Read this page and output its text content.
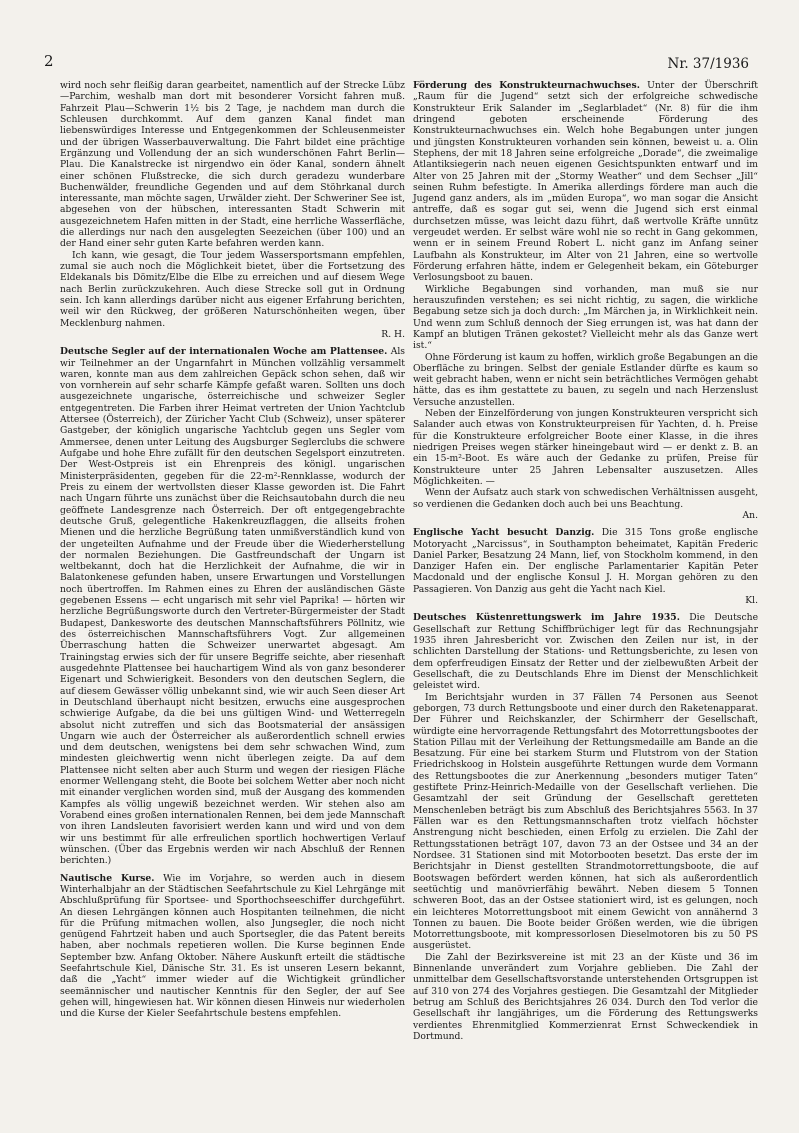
2	Nr. 37/1936

wird noch sehr fleißig daran gearbeitet, namentlich auf der Strecke Lübz—Parchim, weshalb man dort mit besonderer Vorsicht fahren muß. Fahrzeit Plau—Schwerin 1½ bis 2 Tage, je nachdem man durch die Schleusen durchkommt. Auf dem ganzen Kanal findet man liebenswürdiges Interesse und Entgegenkommen der Schleusenmeister und der übrigen Wasserbauverwaltung. Die Fahrt bildet eine prächtige Ergänzung und Vollendung der an sich wunderschönen Fahrt Berlin—Plau. Die Kanalstrecke ist nirgendwo ein öder Kanal, sondern ähnelt einer schönen Flußstrecke, die sich durch geradezu wunderbare Buchenwälder, freundliche Gegenden und auf dem Stöhrkanal durch interessante, man möchte sagen, Urwälder zieht. Der Schweriner See ist, abgesehen von der hübschen, interessanten Stadt Schwerin mit ausgezeichnetem Hafen mitten in der Stadt, eine herrliche Wasserfläche, die allerdings nur nach den ausgelegten Seezeichen (über 100) und an der Hand einer sehr guten Karte befahren werden kann.

Ich kann, wie gesagt, die Tour jedem Wassersportsmann empfehlen, zumal sie auch noch die Möglichkeit bietet, über die Fortsetzung des Eldekanals bis Dömitz/Elbe die Elbe zu erreichen und auf diesem Wege nach Berlin zurückzukehren. Auch diese Strecke soll gut in Ordnung sein. Ich kann allerdings darüber nicht aus eigener Erfahrung berichten, weil wir den Rückweg, der größeren Naturschönheiten wegen, über Mecklenburg nahmen.

R. H.

Deutsche Segler auf der internationalen Woche am Plattensee. Als wir Teilnehmer an der Ungarnfahrt in München vollzählig versammelt waren, konnte man aus dem zahlreichen Gepäck schon sehen, daß wir von vornherein auf sehr scharfe Kämpfe gefaßt waren. Sollten uns doch ausgezeichnete ungarische, österreichische und schweizer Segler entgegentreten. Die Farben ihrer Heimat vertreten der Union Yachtclub Attersee (Österreich), der Züricher Yacht Club (Schweiz), unser späterer Gastgeber, der königlich ungarische Yachtclub gegen uns Segler vom Ammersee, denen unter Leitung des Augsburger Seglerclubs die schwere Aufgabe und hohe Ehre zufällt für den deutschen Segelsport einzutreten. Der West-Ostpreis ist ein Ehrenpreis des königl. ungarischen Ministerpräsidenten, gegeben für die 22-m²-Rennklasse, wodurch der Preis zu einem der wertvollsten dieser Klasse geworden ist. Die Fahrt nach Ungarn führte uns zunächst über die Reichsautobahn durch die neu geöffnete Landesgrenze nach Österreich. Der oft entgegengebrachte deutsche Gruß, gelegentliche Hakenkreuzflaggen, die allseits frohen Mienen und die herzliche Begrüßung taten unmißverständlich kund von der ungeteilten Aufnahme und der Freude über die Wiederherstellung der normalen Beziehungen. Die Gastfreundschaft der Ungarn ist weltbekannt, doch hat die Herzlichkeit der Aufnahme, die wir in Balatonkenese gefunden haben, unsere Erwartungen und Vorstellungen noch übertroffen. Im Rahmen eines zu Ehren der ausländischen Gäste gegebenen Essens — echt ungarisch mit sehr viel Paprika! — hörten wir herzliche Begrüßungsworte durch den Vertreter-Bürgermeister der Stadt Budapest, Dankesworte des deutschen Mannschaftsführers Pöllnitz, wie des österreichischen Mannschaftsführers Vogt. Zur allgemeinen Überraschung hatten die Schweizer unerwartet abgesagt. Am Trainingstag erwies sich der für unsere Begriffe seichte, aber riesenhaft ausgedehnte Plattensee bei hauchartigem Wind als von ganz besonderer Eigenart und Schwierigkeit. Besonders von den deutschen Seglern, die auf diesem Gewässer völlig unbekannt sind, wie wir auch Seen dieser Art in Deutschland überhaupt nicht besitzen, erwuchs eine ausgesprochen schwierige Aufgabe, da die bei uns gültigen Wind- und Wetterregeln absolut nicht zutreffen und sich das Bootsmaterial der ansässigen Ungarn wie auch der Österreicher als außerordentlich schnell erwies und dem deutschen, wenigstens bei dem sehr schwachen Wind, zum mindesten gleichwertig wenn nicht überlegen zeigte. Da auf dem Plattensee nicht selten aber auch Sturm und wegen der riesigen Fläche enormer Wellengang steht, die Boote bei solchem Wetter aber noch nicht mit einander verglichen worden sind, muß der Ausgang des kommenden Kampfes als völlig ungewiß bezeichnet werden. Wir stehen also am Vorabend eines großen internationalen Rennen, bei dem jede Mannschaft von ihren Landsleuten favorisiert werden kann und wird und von dem wir uns bestimmt für alle erfreulichen sportlich hochwertigen Verlauf wünschen. (Über das Ergebnis werden wir nach Abschluß der Rennen berichten.)

Nautische Kurse. Wie im Vorjahre, so werden auch in diesem Winterhalbjahr an der Städtischen Seefahrtschule zu Kiel Lehrgänge mit Abschlußprüfung für Sportsee- und Sporthochseeschiffer durchgeführt. An diesen Lehrgängen können auch Hospitanten teilnehmen, die nicht für die Prüfung mitmachen wollen, also Jungsegler, die noch nicht genügend Fahrtzeit haben und auch Sportsegler, die das Patent bereits haben, aber nochmals repetieren wollen. Die Kurse beginnen Ende September bzw. Anfang Oktober. Nähere Auskunft erteilt die städtische Seefahrtschule Kiel, Dänische Str. 31. Es ist unseren Lesern bekannt, daß die „Yacht“ immer wieder auf die Wichtigkeit gründlicher seemännischer und nautischer Kenntnis für den Segler, der auf See gehen will, hingewiesen hat. Wir können diesen Hinweis nur wiederholen und die Kurse der Kieler Seefahrtschule bestens empfehlen.

Förderung des Konstrukteurnachwuchses. Unter der Überschrift „Raum für die Jugend“ setzt sich der erfolgreiche schwedische Konstrukteur Erik Salander im „Seglarbladet“ (Nr. 8) für die ihm dringend geboten erscheinende Förderung des Konstrukteurnachwuchses ein. Welch hohe Begabungen unter jungen und jüngsten Konstrukteuren vorhanden sein können, beweist u. a. Olin Stephens, der mit 18 Jahren seine erfolgreiche „Dorade“, die zweimalige Atlantiksiegerin nach neuen eigenen Gesichtspunkten entwarf und im Alter von 25 Jahren mit der „Stormy Weather“ und dem Sechser „Jill“ seinen Ruhm befestigte. In Amerika allerdings fördere man auch die Jugend ganz anders, als im „müden Europa“, wo man sogar die Ansicht antreffe, daß es sogar gut sei, wenn die Jugend sich erst einmal durchsetzen müsse, was leicht dazu führt, daß wertvolle Kräfte unnütz vergeudet werden. Er selbst wäre wohl nie so recht in Gang gekommen, wenn er in seinem Freund Robert L. nicht ganz im Anfang seiner Laufbahn als Konstrukteur, im Alter von 21 Jahren, eine so wertvolle Förderung erfahren hätte, indem er Gelegenheit bekam, ein Göteburger Verlosungsboot zu bauen.

Wirkliche Begabungen sind vorhanden, man muß sie nur herauszufinden verstehen; es sei nicht richtig, zu sagen, die wirkliche Begabung setze sich ja doch durch: „Im Märchen ja, in Wirklichkeit nein. Und wenn zum Schluß dennoch der Sieg errungen ist, was hat dann der Kampf an blutigen Tränen gekostet? Vielleicht mehr als das Ganze wert ist.“

Ohne Förderung ist kaum zu hoffen, wirklich große Begabungen an die Oberfläche zu bringen. Selbst der geniale Estlander dürfte es kaum so weit gebracht haben, wenn er nicht sein beträchtliches Vermögen gehabt hätte, das es ihm gestattete zu bauen, zu segeln und nach Herzenslust Versuche anzustellen.

Neben der Einzelförderung von jungen Konstrukteuren verspricht sich Salander auch etwas von Konstrukteurpreisen für Yachten, d. h. Preise für die Konstrukteure erfolgreicher Boote einer Klasse, in die ihres niedrigen Preises wegen stärker hineingebaut wird — er denkt z. B. an ein 15-m²-Boot. Es wäre auch der Gedanke zu prüfen, Preise für Konstrukteure unter 25 Jahren Lebensalter auszusetzen. Alles Möglichkeiten. —

Wenn der Aufsatz auch stark von schwedischen Verhältnissen ausgeht, so verdienen die Gedanken doch auch bei uns Beachtung.

An.

Englische Yacht besucht Danzig. Die 315 Tons große englische Motoryacht „Narcissus“, in Southampton beheimatet, Kapitän Frederic Daniel Parker, Besatzung 24 Mann, lief, von Stockholm kommend, in den Danziger Hafen ein. Der englische Parlamentarier Kapitän Peter Macdonald und der englische Konsul J. H. Morgan gehören zu den Passagieren. Von Danzig aus geht die Yacht nach Kiel.

Kl.

Deutsches Küstenrettungswerk im Jahre 1935. Die Deutsche Gesellschaft zur Rettung Schiffbrüchiger legt für das Rechnungsjahr 1935 ihren Jahresbericht vor. Zwischen den Zeilen nur ist, in der schlichten Darstellung der Stations- und Rettungsberichte, zu lesen von dem opferfreudigen Einsatz der Retter und der zielbewußten Arbeit der Gesellschaft, die zu Deutschlands Ehre im Dienst der Menschlichkeit geleistet wird.

Im Berichtsjahr wurden in 37 Fällen 74 Personen aus Seenot geborgen, 73 durch Rettungsboote und einer durch den Raketenapparat. Der Führer und Reichskanzler, der Schirmherr der Gesellschaft, würdigte eine hervorragende Rettungsfahrt des Motorrettungsbootes der Station Pillau mit der Verleihung der Rettungsmedaille am Bande an die Besatzung. Für eine bei starkem Sturm und Flutstrom von der Station Friedrichskoog in Holstein ausgeführte Rettungen wurde dem Vormann des Rettungsbootes die zur Anerkennung „besonders mutiger Taten“ gestiftete Prinz-Heinrich-Medaille von der Gesellschaft verliehen. Die Gesamtzahl der seit Gründung der Gesellschaft geretteten Menschenleben beträgt bis zum Abschluß des Berichtsjahres 5563. In 37 Fällen war es den Rettungsmannschaften trotz vielfach höchster Anstrengung nicht beschieden, einen Erfolg zu erzielen. Die Zahl der Rettungsstationen beträgt 107, davon 73 an der Ostsee und 34 an der Nordsee. 31 Stationen sind mit Motorbooten besetzt. Das erste der im Berichtsjahr in Dienst gestellten Strandmotorrettungsboote, die auf Bootswagen befördert werden können, hat sich als außerordentlich seetüchtig und manövrierfähig bewährt. Neben diesem 5 Tonnen schweren Boot, das an der Ostsee stationiert wird, ist es gelungen, noch ein leichteres Motorrettungsboot mit einem Gewicht von annähernd 3 Tonnen zu bauen. Die Boote beider Größen werden, wie die übrigen Motorrettungsboote, mit kompressorlosen Dieselmotoren bis zu 50 PS ausgerüstet.

Die Zahl der Bezirksvereine ist mit 23 an der Küste und 36 im Binnenlande unverändert zum Vorjahre geblieben. Die Zahl der unmittelbar dem Gesellschaftsvorstande unterstehenden Ortsgruppen ist auf 310 von 274 des Vorjahres gestiegen. Die Gesamtzahl der Mitglieder betrug am Schluß des Berichtsjahres 26 034. Durch den Tod verlor die Gesellschaft ihr langjähriges, um die Förderung des Rettungswerks verdientes Ehrenmitglied Kommerzienrat Ernst Schweckendiek in Dortmund.
